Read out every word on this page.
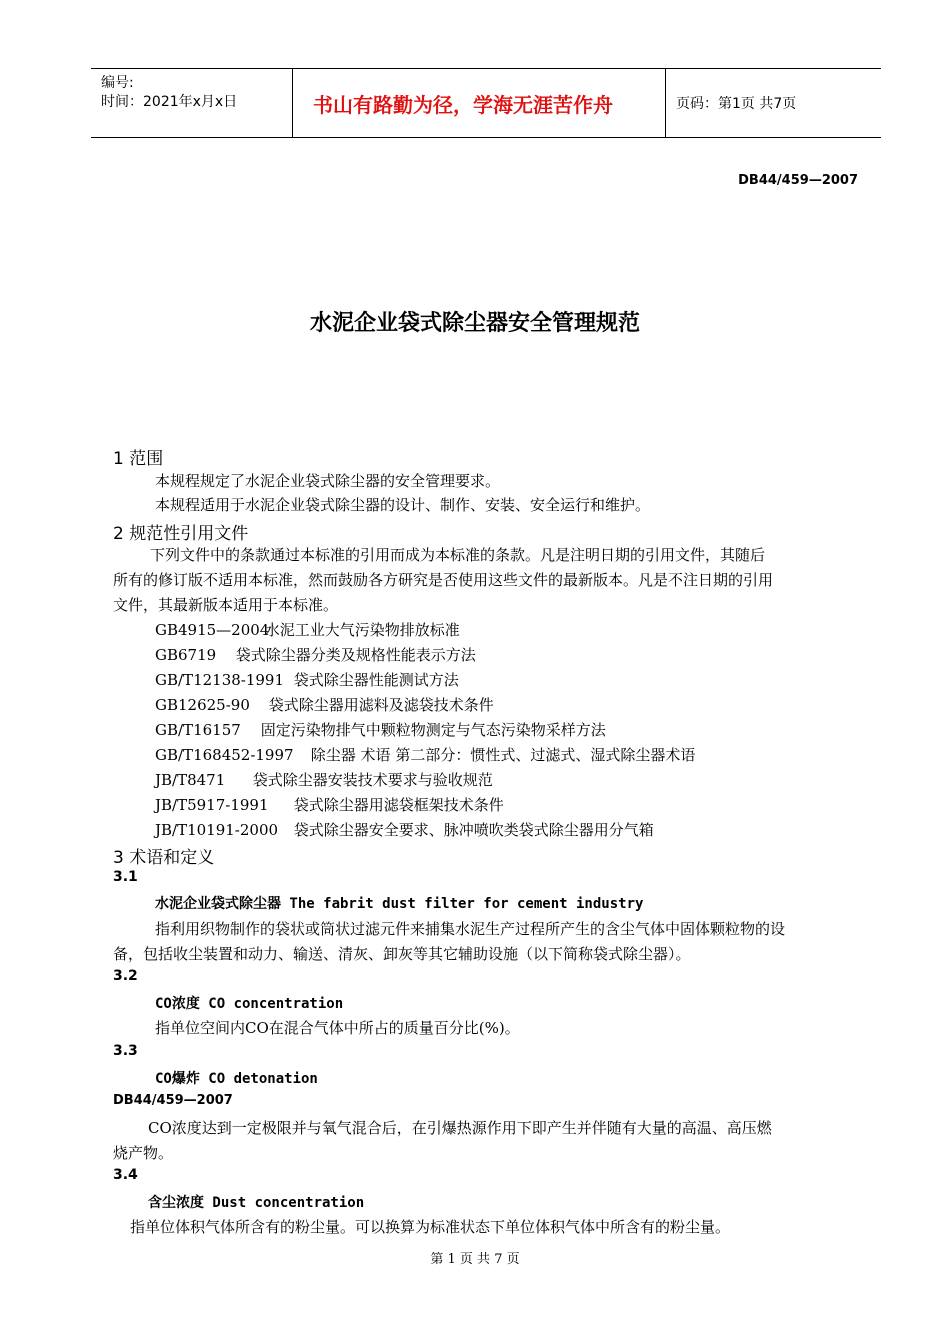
编号:
时间：2021年x月x日	书山有路勤为径，学海无涯苦作舟	页码：第1页 共7页
DB44/459—2007
水泥企业袋式除尘器安全管理规范
1 范围
本规程规定了水泥企业袋式除尘器的安全管理要求。
本规程适用于水泥企业袋式除尘器的设计、制作、安装、安全运行和维护。
2 规范性引用文件
下列文件中的条款通过本标准的引用而成为本标准的条款。凡是注明日期的引用文件，其随后
所有的修订版不适用本标准，然而鼓励各方研究是否使用这些文件的最新版本。凡是不注日期的引用
文件，其最新版本适用于本标准。
GB4915—2004 水泥工业大气污染物排放标准
GB6719 袋式除尘器分类及规格性能表示方法
GB/T12138-1991 袋式除尘器性能测试方法
GB12625-90 袋式除尘器用滤料及滤袋技术条件
GB/T16157 固定污染物排气中颗粒物测定与气态污染物采样方法
GB/T168452-1997 除尘器 术语 第二部分：惯性式、过滤式、湿式除尘器术语
JB/T8471 袋式除尘器安装技术要求与验收规范
JB/T5917-1991 袋式除尘器用滤袋框架技术条件
JB/T10191-2000 袋式除尘器安全要求、脉冲喷吹类袋式除尘器用分气箱
3 术语和定义
3.1
水泥企业袋式除尘器 The fabrit dust filter for cement industry
指利用织物制作的袋状或筒状过滤元件来捕集水泥生产过程所产生的含尘气体中固体颗粒物的设
备，包括收尘装置和动力、输送、清灰、卸灰等其它辅助设施（以下简称袋式除尘器）。
3.2
CO浓度 CO concentration
指单位空间内CO在混合气体中所占的质量百分比(%)。
3.3
CO爆炸 CO detonation
DB44/459—2007
CO浓度达到一定极限并与氧气混合后，在引爆热源作用下即产生并伴随有大量的高温、高压燃
烧产物。
3.4
含尘浓度 Dust concentration
指单位体积气体所含有的粉尘量。可以换算为标准状态下单位体积气体中所含有的粉尘量。
第 1 页 共 7 页
